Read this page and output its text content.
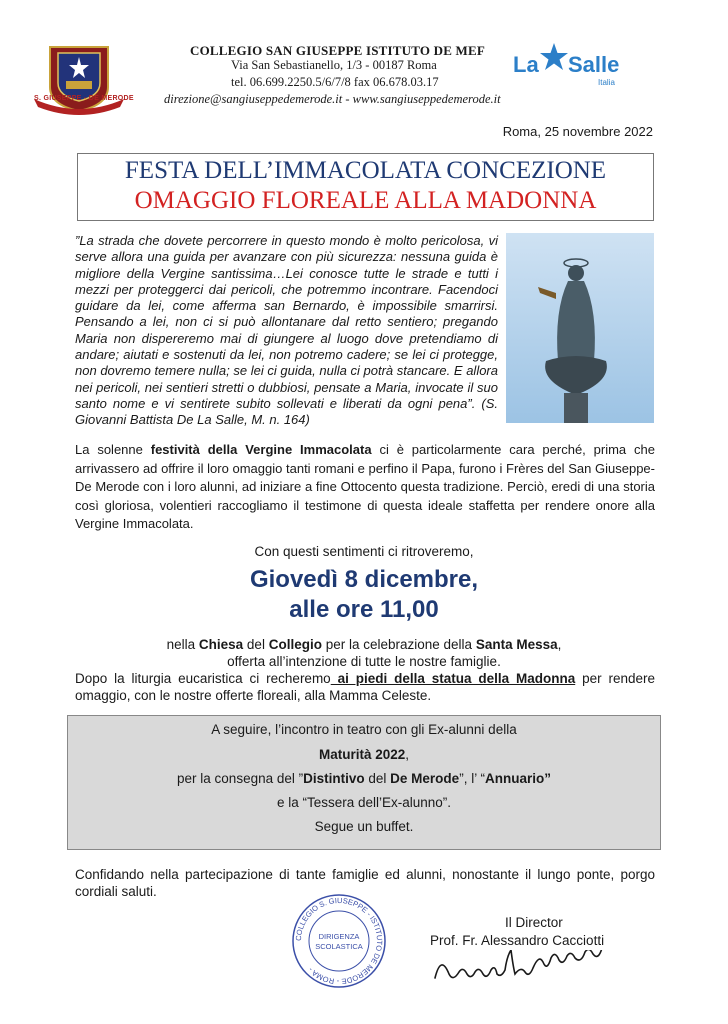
S. GIUSEPPE - DE MERODE
COLLEGIO SAN GIUSEPPE ISTITUTO DE MEF
Via San Sebastianello, 1/3 - 00187 Roma
tel. 06.699.2250.5/6/7/8 fax 06.678.03.17
direzione@sangiuseppedemerode.it - www.sangiuseppedemerode.it
La Salle
Italia
Roma, 25 novembre 2022
FESTA DELL’IMMACOLATA CONCEZIONE
OMAGGIO FLOREALE ALLA MADONNA
”La strada che dovete percorrere in questo mondo è molto pericolosa, vi serve allora una guida per avanzare con più sicurezza: nessuna guida è migliore della Vergine santissima…Lei conosce tutte le strade e tutti i mezzi per proteggerci dai pericoli, che potremmo incontrare. Facendoci guidare da lei, come afferma san Bernardo, è impossibile smarrirsi. Pensando a lei, non ci si può allontanare dal retto sentiero; pregando Maria non dispereremo mai di giungere al luogo dove pretendiamo di andare; aiutati e sostenuti da lei, non potremo cadere; se lei ci protegge, non dovremo temere nulla; se lei ci guida, nulla ci potrà stancare. E allora nei pericoli, nei sentieri stretti o dubbiosi, pensate a Maria, invocate il suo santo nome e vi sentirete subito sollevati e liberati da ogni pena”. (S. Giovanni Battista De La Salle, M. n. 164)
La solenne festività della Vergine Immacolata ci è particolarmente cara perché, prima che arrivassero ad offrire il loro omaggio tanti romani e perfino il Papa, furono i Frères del San Giuseppe-De Merode con i loro alunni, ad iniziare a fine Ottocento questa tradizione. Perciò, eredi di una storia così gloriosa, volentieri raccogliamo il testimone di questa ideale staffetta per rendere onore alla Vergine Immacolata.
Con questi sentimenti ci ritroveremo,
Giovedì 8 dicembre,
alle ore 11,00
nella Chiesa del Collegio per la celebrazione della Santa Messa,
offerta all’intenzione di tutte le nostre famiglie.
Dopo la liturgia eucaristica ci recheremo ai piedi della statua della Madonna per rendere omaggio, con le nostre offerte floreali, alla Mamma Celeste.
A seguire, l’incontro in teatro con gli Ex-alunni della
Maturità 2022,
per la consegna del ”Distintivo del De Merode”, l’ “Annuario”
e la “Tessera dell’Ex-alunno”.
Segue un buffet.
Confidando nella partecipazione di tante famiglie ed alunni, nonostante il lungo ponte, porgo cordiali saluti.
COLLEGIO S. GIUSEPPE - ISTITUTO DE MERODE - ROMA -
DIRIGENZA
SCOLASTICA
Il Director
Prof. Fr. Alessandro Cacciotti
